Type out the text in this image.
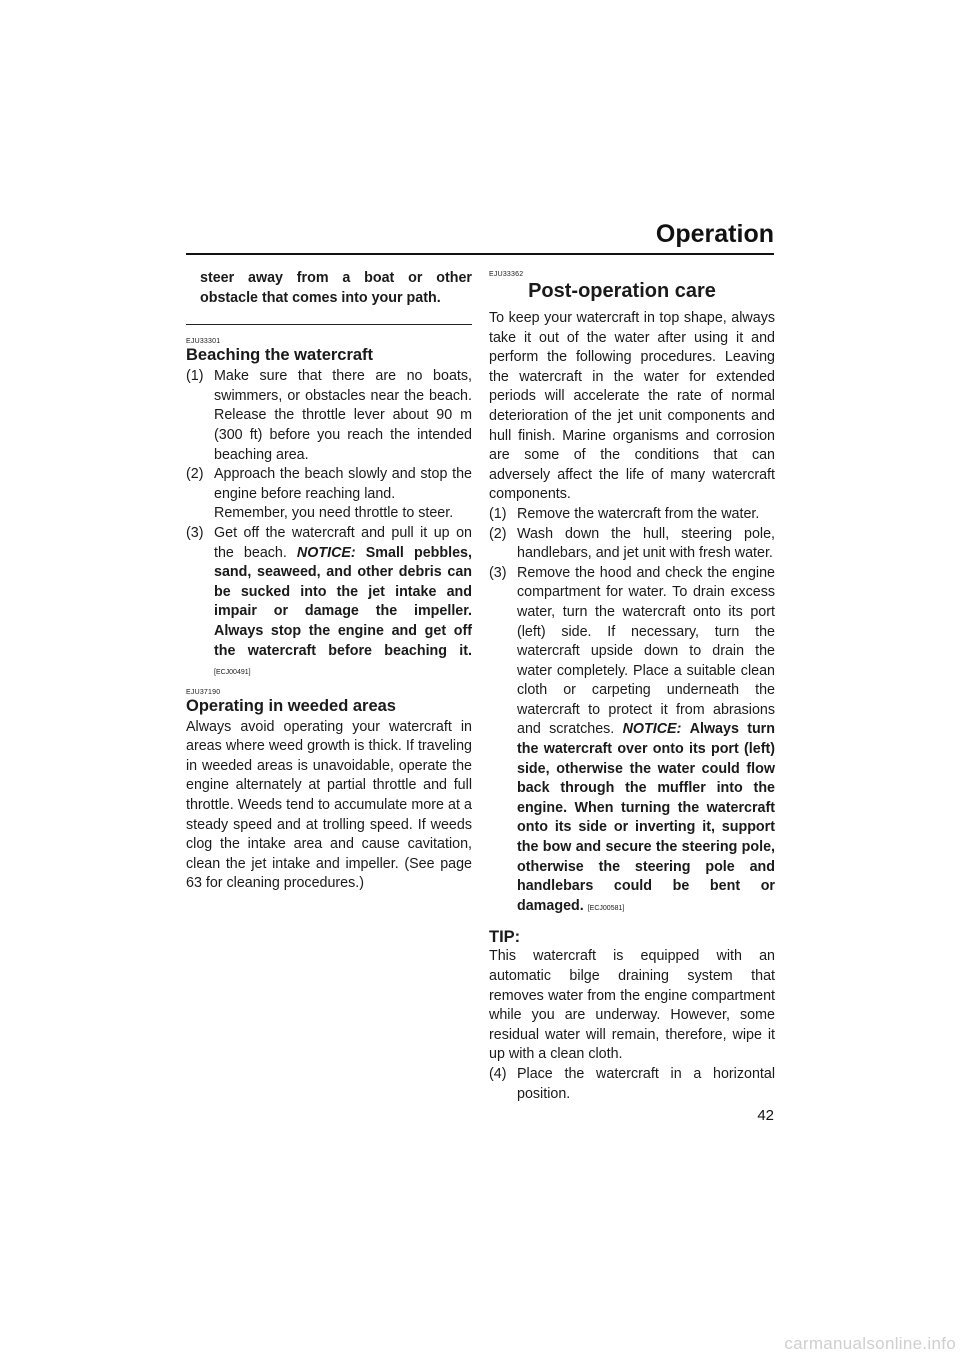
Operation

steer away from a boat or other obstacle that comes into your path.

EJU33301
Beaching the watercraft
(1) Make sure that there are no boats, swimmers, or obstacles near the beach. Release the throttle lever about 90 m (300 ft) before you reach the intended beaching area.
(2) Approach the beach slowly and stop the engine before reaching land.
Remember, you need throttle to steer.
(3) Get off the watercraft and pull it up on the beach. NOTICE: Small pebbles, sand, seaweed, and other debris can be sucked into the jet intake and impair or damage the impeller. Always stop the engine and get off the watercraft before beaching it. [ECJ00491]
EJU37190
Operating in weeded areas

Always avoid operating your watercraft in areas where weed growth is thick. If traveling in weeded areas is unavoidable, operate the engine alternately at partial throttle and full throttle. Weeds tend to accumulate more at a steady speed and at trolling speed. If weeds clog the intake area and cause cavitation, clean the jet intake and impeller. (See page 63 for cleaning procedures.)

EJU33362
Post-operation care

To keep your watercraft in top shape, always take it out of the water after using it and perform the following procedures. Leaving the watercraft in the water for extended periods will accelerate the rate of normal deterioration of the jet unit components and hull finish. Marine organisms and corrosion are some of the conditions that can adversely affect the life of many watercraft components.

(1) Remove the watercraft from the water.
(2) Wash down the hull, steering pole, handlebars, and jet unit with fresh water.
(3) Remove the hood and check the engine compartment for water. To drain excess water, turn the watercraft onto its port (left) side. If necessary, turn the watercraft upside down to drain the water completely. Place a suitable clean cloth or carpeting underneath the watercraft to protect it from abrasions and scratches. NOTICE: Always turn the watercraft over onto its port (left) side, otherwise the water could flow back through the muffler into the engine. When turning the watercraft onto its side or inverting it, support the bow and secure the steering pole, otherwise the steering pole and handlebars could be bent or damaged. [ECJ00581]
TIP:

This watercraft is equipped with an automatic bilge draining system that removes water from the engine compartment while you are underway. However, some residual water will remain, therefore, wipe it up with a clean cloth.

(4) Place the watercraft in a horizontal position.
42
carmanualsonline.info
